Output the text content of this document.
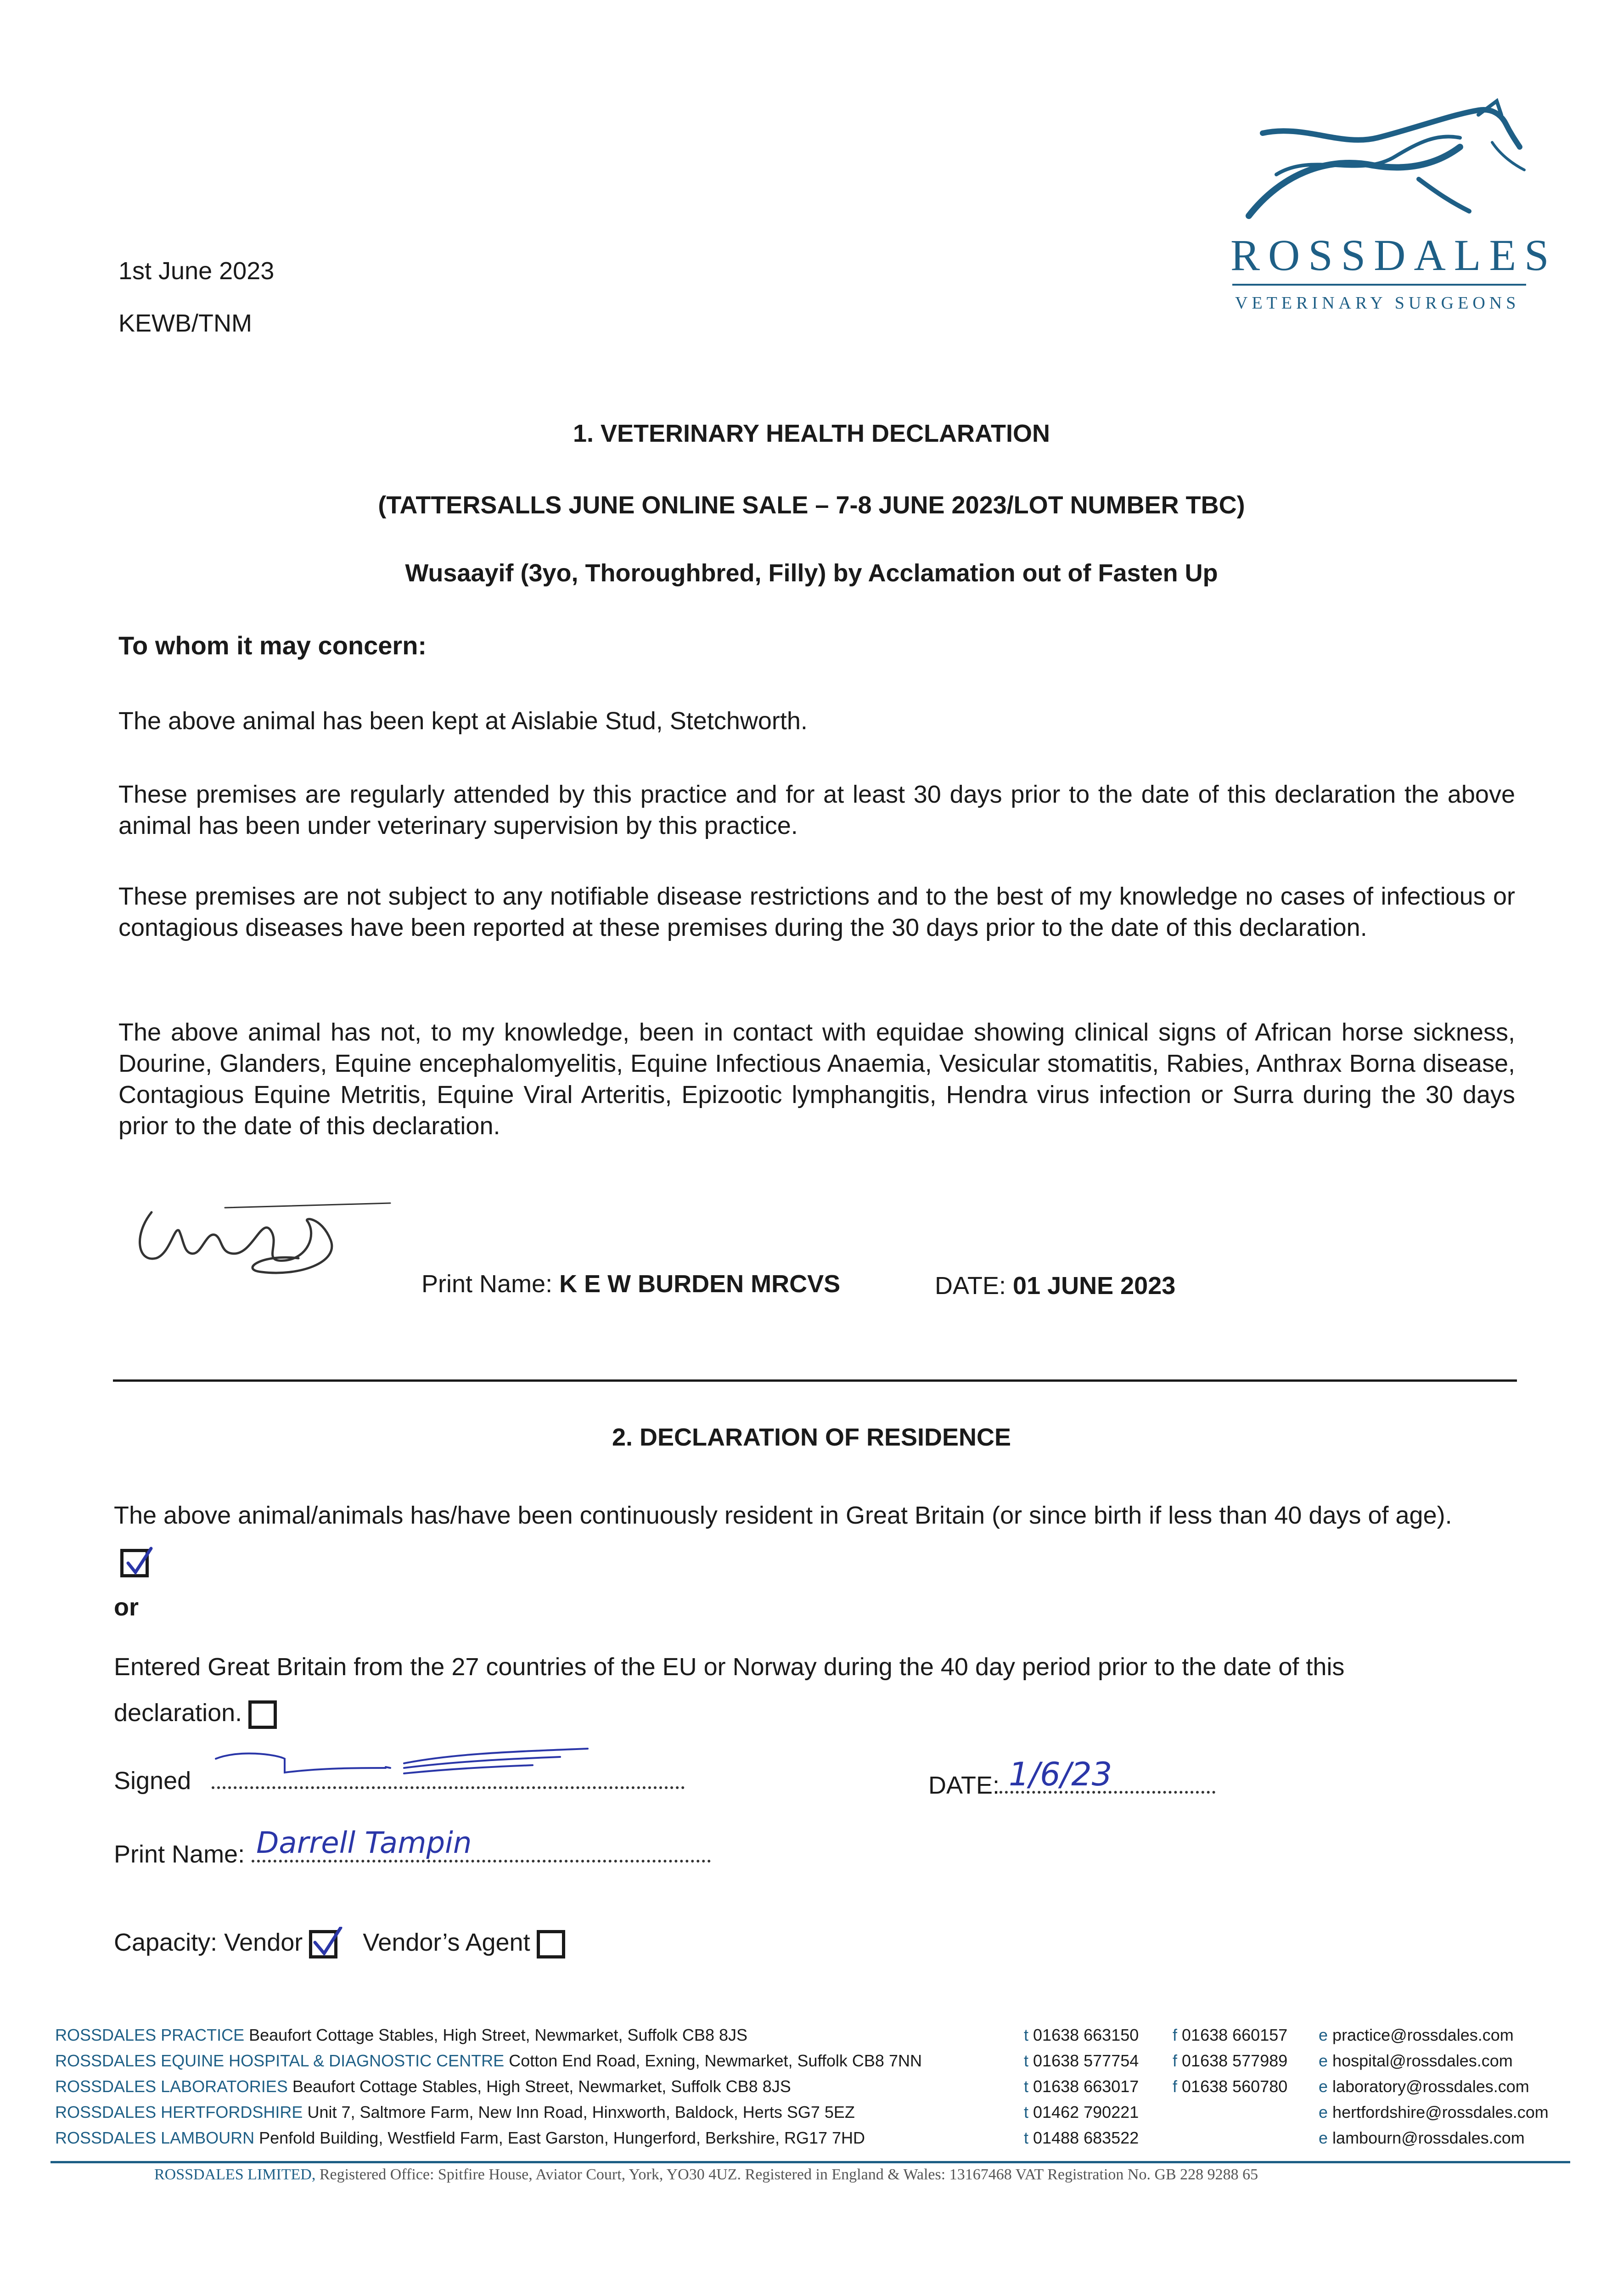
1st June 2023
KEWB/TNM
ROSSDALES
VETERINARY SURGEONS
1. VETERINARY HEALTH DECLARATION
(TATTERSALLS JUNE ONLINE SALE – 7-8 JUNE 2023/LOT NUMBER TBC)
Wusaayif (3yo, Thoroughbred, Filly) by Acclamation out of Fasten Up
To whom it may concern:
The above animal has been kept at Aislabie Stud, Stetchworth.
These premises are regularly attended by this practice and for at least 30 days prior to the date of this declaration the above animal has been under veterinary supervision by this practice.
These premises are not subject to any notifiable disease restrictions and to the best of my knowledge no cases of infectious or contagious diseases have been reported at these premises during the 30 days prior to the date of this declaration.
The above animal has not, to my knowledge, been in contact with equidae showing clinical signs of African horse sickness, Dourine, Glanders, Equine encephalomyelitis, Equine Infectious Anaemia, Vesicular stomatitis, Rabies, Anthrax Borna disease, Contagious Equine Metritis, Equine Viral Arteritis, Epizootic lymphangitis, Hendra virus infection or Surra during the 30 days prior to the date of this declaration.
Print Name: K E W BURDEN MRCVS	DATE: 01 JUNE 2023
2. DECLARATION OF RESIDENCE
The above animal/animals has/have been continuously resident in Great Britain (or since birth if less than 40 days of age).
or
Entered Great Britain from the 27 countries of the EU or Norway during the 40 day period prior to the date of this declaration.
Signed	DATE: 1/6/23
Print Name: Darrell Tampin
Capacity: Vendor Vendor’s Agent
ROSSDALES PRACTICE Beaufort Cottage Stables, High Street, Newmarket, Suffolk CB8 8JS
ROSSDALES EQUINE HOSPITAL & DIAGNOSTIC CENTRE Cotton End Road, Exning, Newmarket, Suffolk CB8 7NN
ROSSDALES LABORATORIES Beaufort Cottage Stables, High Street, Newmarket, Suffolk CB8 8JS
ROSSDALES HERTFORDSHIRE Unit 7, Saltmore Farm, New Inn Road, Hinxworth, Baldock, Herts SG7 5EZ
ROSSDALES LAMBOURN Penfold Building, Westfield Farm, East Garston, Hungerford, Berkshire, RG17 7HD
t 01638 663150
t 01638 577754
t 01638 663017
t 01462 790221
t 01488 683522
f 01638 660157
f 01638 577989
f 01638 560780
e practice@rossdales.com
e hospital@rossdales.com
e laboratory@rossdales.com
e hertfordshire@rossdales.com
e lambourn@rossdales.com
ROSSDALES LIMITED, Registered Office: Spitfire House, Aviator Court, York, YO30 4UZ. Registered in England & Wales: 13167468 VAT Registration No. GB 228 9288 65
